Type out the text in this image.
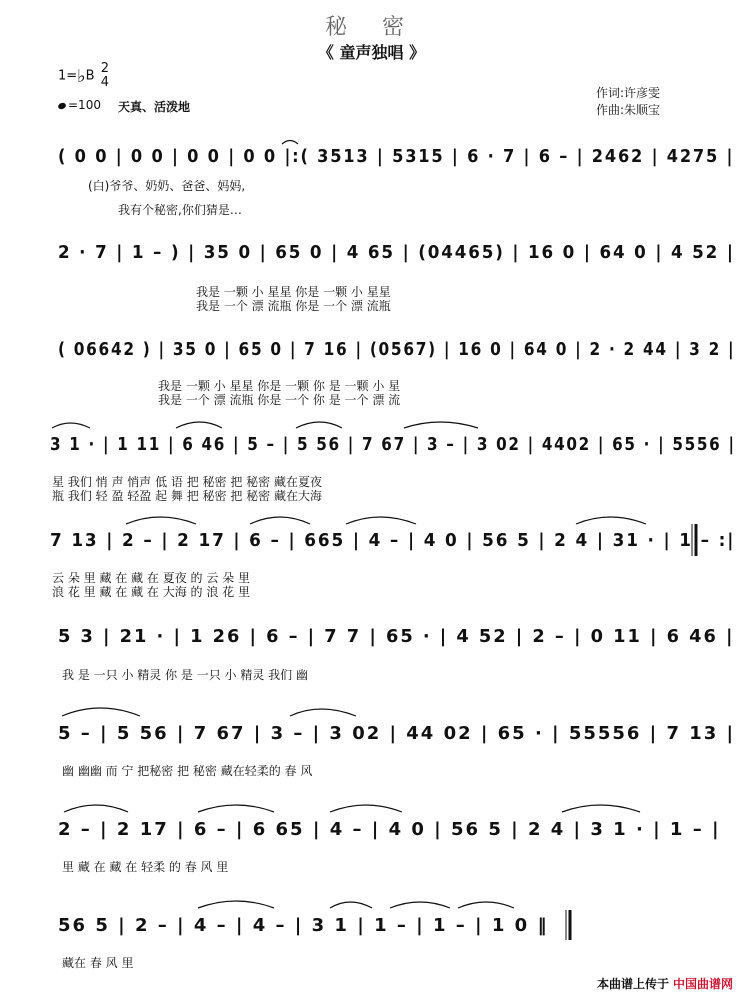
秘 密
《 童声独唱 》
1=♭B 2
4
=100 天真、活泼地
作词:许彦雯
作曲:朱顺宝
( 0 0 | 0 0 | 0 0 | 0 0 |:( 3513 | 5315 | 6 · 7 | 6 – | 2462 | 4275 |
(白)爷爷、奶奶、爸爸、妈妈,
我有个秘密,你们猜是…
2 · 7 | 1 – ) | 35 0 | 65 0 | 4 65 | (04465) | 16 0 | 64 0 | 4 52 |
我是 一颗 小 星星 你是 一颗 小 星星
我是 一个 漂 流瓶 你是 一个 漂 流瓶
( 06642 ) | 35 0 | 65 0 | 7 16 | (0567) | 16 0 | 64 0 | 2 · 2 44 | 3 2 |
我是 一颗 小 星星 你是 一颗 你 是 一颗 小 星
我是 一个 漂 流瓶 你是 一个 你 是 一个 漂 流
3 1 · | 1 11 | 6 46 | 5 – | 5 56 | 7 67 | 3 – | 3 02 | 4402 | 65 · | 5556 |
星 我们 悄 声 悄声 低 语 把 秘密 把 秘密 藏在夏夜
瓶 我们 轻 盈 轻盈 起 舞 把 秘密 把 秘密 藏在大海
7 13 | 2 – | 2 17 | 6 – | 665 | 4 – | 4 0 | 56 5 | 2 4 | 31 · | 1 – :|
云 朵 里 藏 在 藏 在 夏夜 的 云 朵 里
浪 花 里 藏 在 藏 在 大海 的 浪 花 里
5 3 | 21 · | 1 26 | 6 – | 7 7 | 65 · | 4 52 | 2 – | 0 11 | 6 46 |
我 是 一只 小 精灵 你 是 一只 小 精灵 我们 幽
5 – | 5 56 | 7 67 | 3 – | 3 02 | 44 02 | 65 · | 55556 | 7 13 |
幽 幽幽 而 宁 把秘密 把 秘密 藏在轻柔的 春 风
2 – | 2 17 | 6 – | 6 65 | 4 – | 4 0 | 56 5 | 2 4 | 3 1 · | 1 – |
里 藏 在 藏 在 轻柔 的 春 风 里
56 5 | 2 – | 4 – | 4 – | 3 1 | 1 – | 1 – | 1 0 ‖
藏在 春 风 里
本曲谱上传于 中国曲谱网
